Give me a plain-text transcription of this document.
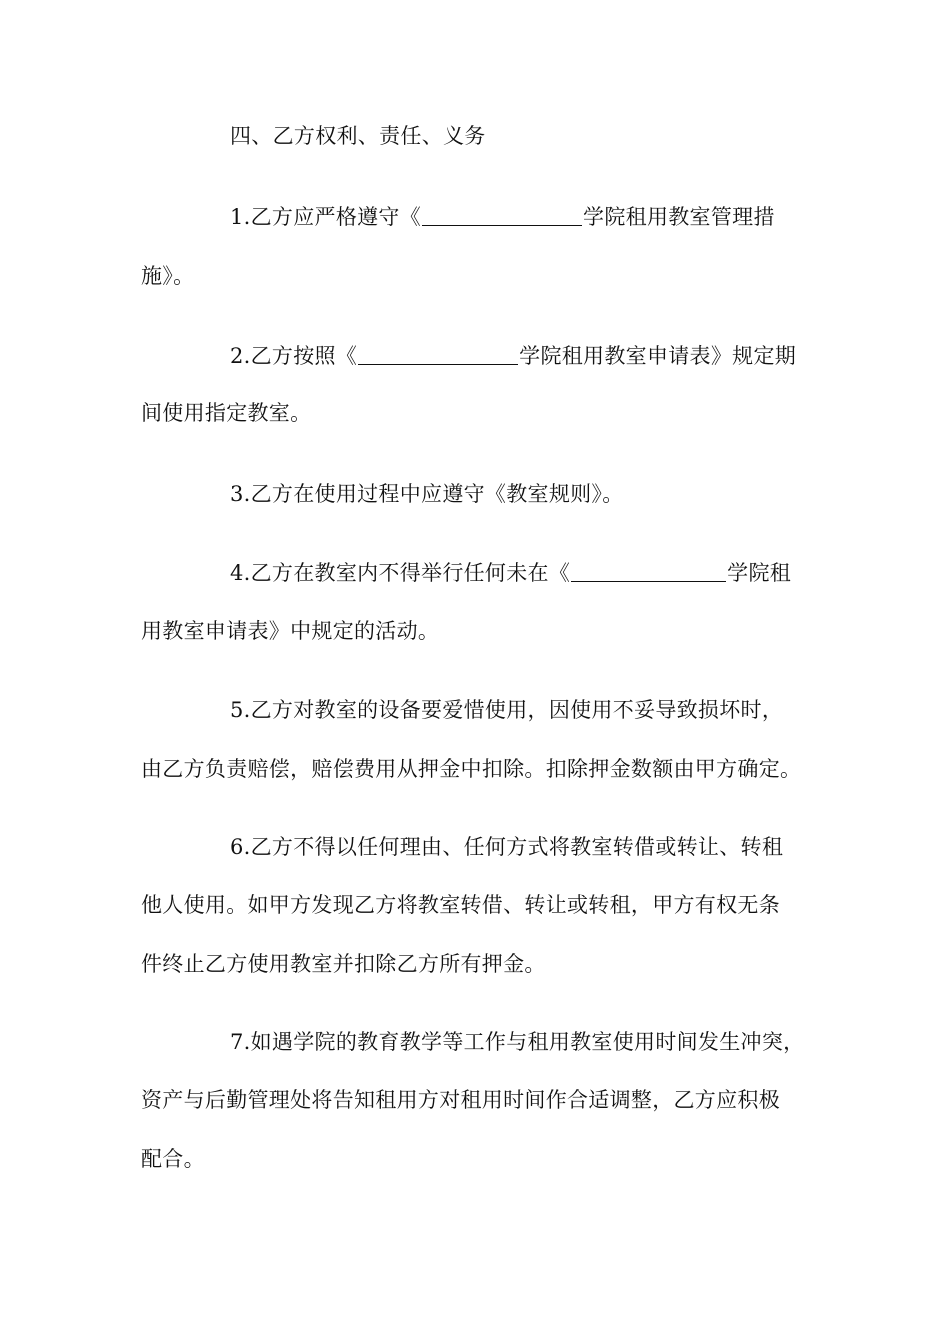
四、乙方权利、责任、义务
1.乙方应严格遵守《	学院租用教室管理措
施》。
2.乙方按照《	学院租用教室申请表》规定期
间使用指定教室。
3.乙方在使用过程中应遵守《教室规则》。
4.乙方在教室内不得举行任何未在《	学院租
用教室申请表》中规定的活动。
5.乙方对教室的设备要爱惜使用，因使用不妥导致损坏时，
由乙方负责赔偿，赔偿费用从押金中扣除。扣除押金数额由甲方确定。
6.乙方不得以任何理由、任何方式将教室转借或转让、转租
他人使用。如甲方发现乙方将教室转借、转让或转租，甲方有权无条
件终止乙方使用教室并扣除乙方所有押金。
7.如遇学院的教育教学等工作与租用教室使用时间发生冲突，
资产与后勤管理处将告知租用方对租用时间作合适调整，乙方应积极
配合。
